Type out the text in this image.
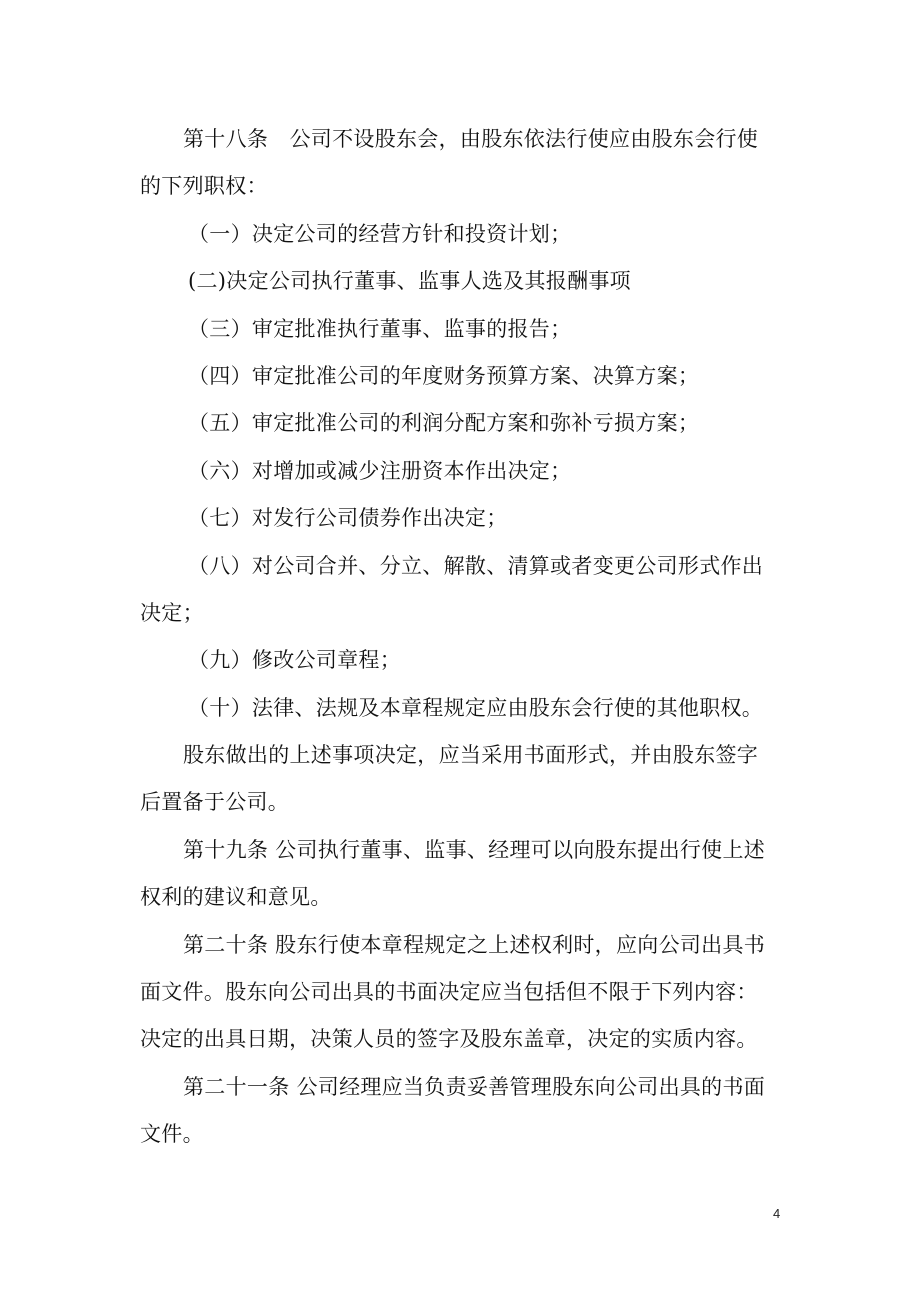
第十八条　公司不设股东会，由股东依法行使应由股东会行使
的下列职权：
（一）决定公司的经营方针和投资计划；
(二)决定公司执行董事、监事人选及其报酬事项
（三）审定批准执行董事、监事的报告；
（四）审定批准公司的年度财务预算方案、决算方案；
（五）审定批准公司的利润分配方案和弥补亏损方案；
（六）对增加或减少注册资本作出决定；
（七）对发行公司债券作出决定；
（八）对公司合并、分立、解散、清算或者变更公司形式作出
决定；
（九）修改公司章程；
（十）法律、法规及本章程规定应由股东会行使的其他职权。
股东做出的上述事项决定，应当采用书面形式，并由股东签字
后置备于公司。
第十九条 公司执行董事、监事、经理可以向股东提出行使上述
权利的建议和意见。
第二十条 股东行使本章程规定之上述权利时，应向公司出具书
面文件。股东向公司出具的书面决定应当包括但不限于下列内容：
决定的出具日期，决策人员的签字及股东盖章，决定的实质内容。
第二十一条 公司经理应当负责妥善管理股东向公司出具的书面
文件。
4
